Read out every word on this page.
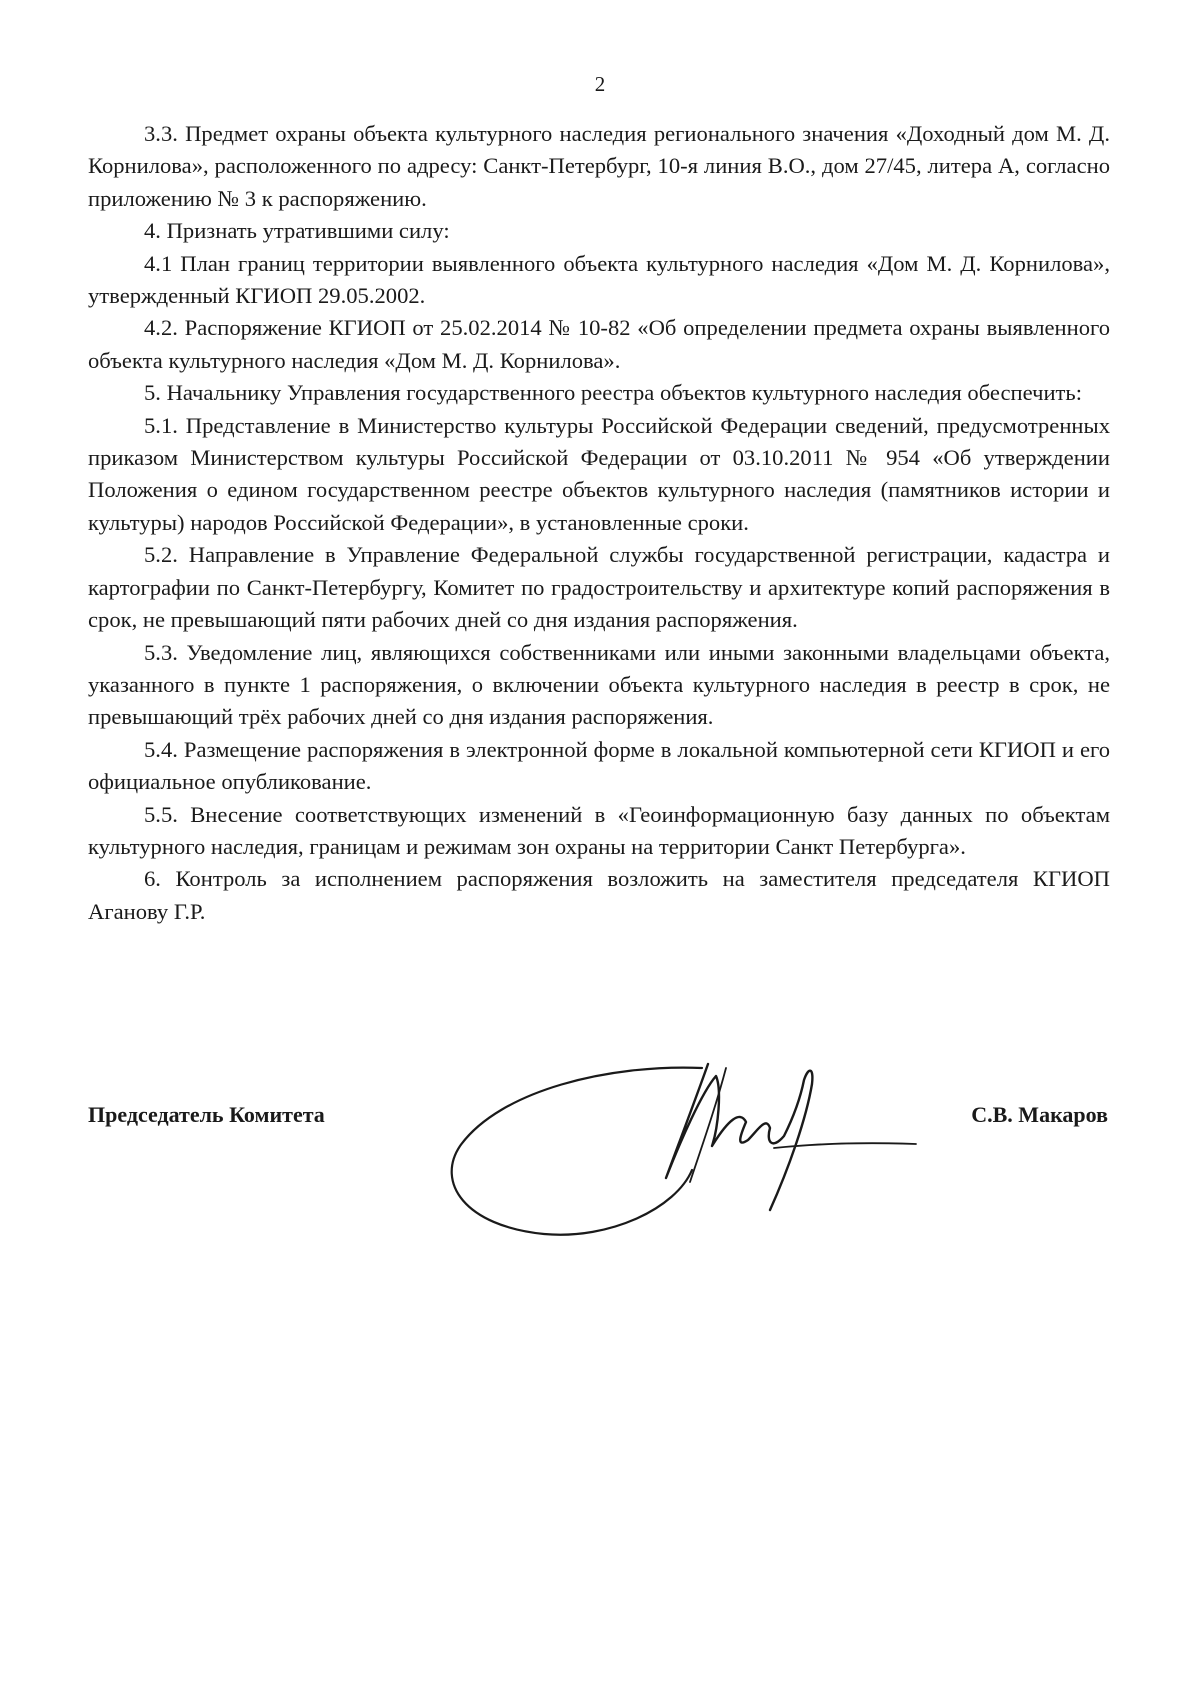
2

3.3. Предмет охраны объекта культурного наследия регионального значения «Доходный дом М. Д. Корнилова», расположенного по адресу: Санкт-Петербург, 10-я линия В.О., дом 27/45, литера А, согласно приложению № 3 к распоряжению.

4. Признать утратившими силу:

4.1 План границ территории выявленного объекта культурного наследия «Дом М. Д. Корнилова», утвержденный КГИОП 29.05.2002.

4.2. Распоряжение КГИОП от 25.02.2014 № 10-82 «Об определении предмета охраны выявленного объекта культурного наследия «Дом М. Д. Корнилова».

5. Начальнику Управления государственного реестра объектов культурного наследия обеспечить:

5.1. Представление в Министерство культуры Российской Федерации сведений, предусмотренных приказом Министерством культуры Российской Федерации от 03.10.2011 № 954 «Об утверждении Положения о едином государственном реестре объектов культурного наследия (памятников истории и культуры) народов Российской Федерации», в установленные сроки.

5.2. Направление в Управление Федеральной службы государственной регистрации, кадастра и картографии по Санкт-Петербургу, Комитет по градостроительству и архитектуре копий распоряжения в срок, не превышающий пяти рабочих дней со дня издания распоряжения.

5.3. Уведомление лиц, являющихся собственниками или иными законными владельцами объекта, указанного в пункте 1 распоряжения, о включении объекта культурного наследия в реестр в срок, не превышающий трёх рабочих дней со дня издания распоряжения.

5.4. Размещение распоряжения в электронной форме в локальной компьютерной сети КГИОП и его официальное опубликование.

5.5. Внесение соответствующих изменений в «Геоинформационную базу данных по объектам культурного наследия, границам и режимам зон охраны на территории Санкт Петербурга».

6. Контроль за исполнением распоряжения возложить на заместителя председателя КГИОП Аганову Г.Р.

Председатель Комитета	С.В. Макаров
